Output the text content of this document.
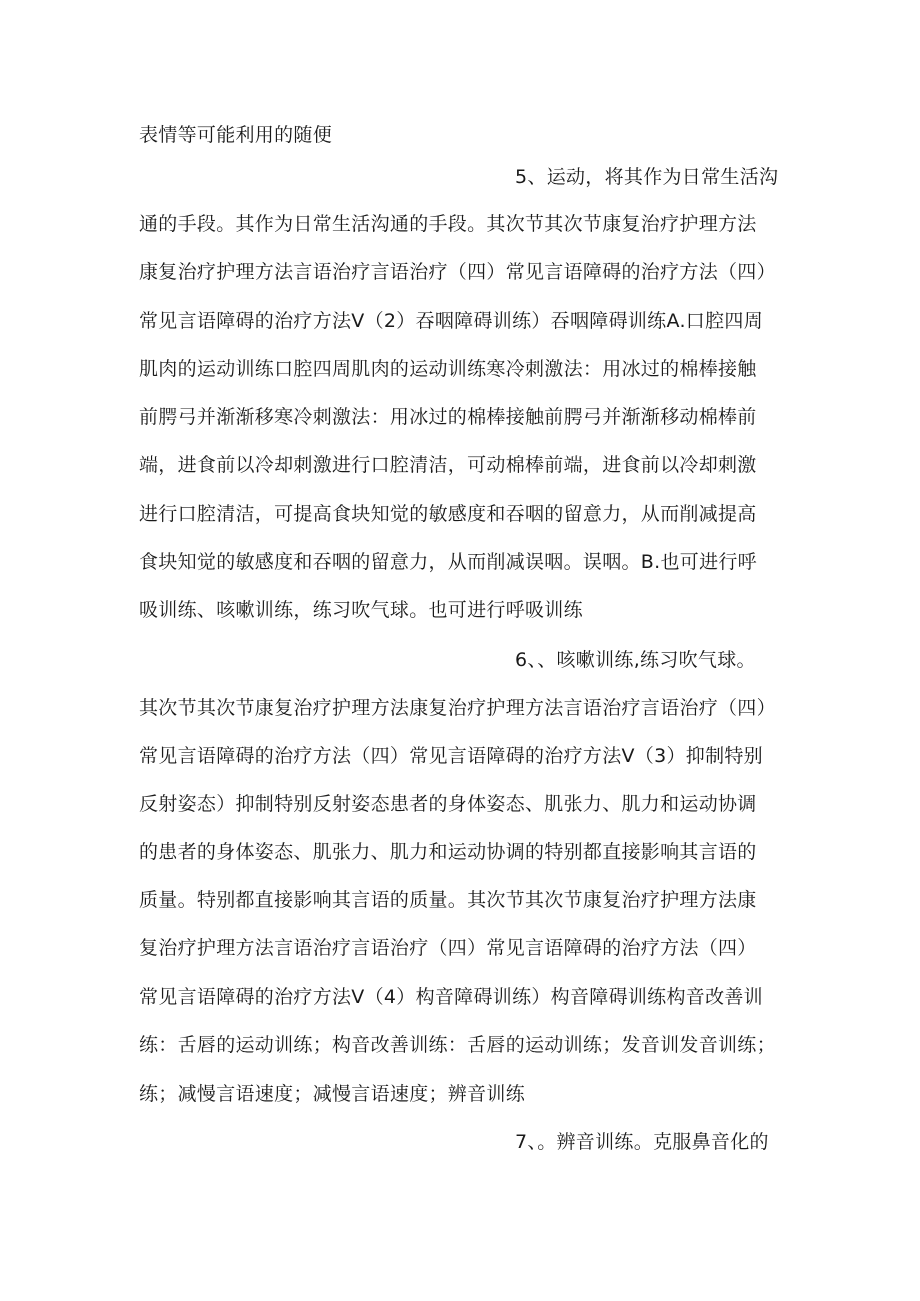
表情等可能利用的随便
5、运动，将其作为日常生活沟
通的手段。其作为日常生活沟通的手段。其次节其次节康复治疗护理方法
康复治疗护理方法言语治疗言语治疗（四）常见言语障碍的治疗方法（四）
常见言语障碍的治疗方法Ⅴ（2）吞咽障碍训练）吞咽障碍训练A.口腔四周
肌肉的运动训练口腔四周肌肉的运动训练寒冷刺激法：用冰过的棉棒接触
前腭弓并渐渐移寒冷刺激法：用冰过的棉棒接触前腭弓并渐渐移动棉棒前
端，进食前以冷却刺激进行口腔清洁，可动棉棒前端，进食前以冷却刺激
进行口腔清洁，可提高食块知觉的敏感度和吞咽的留意力，从而削减提高
食块知觉的敏感度和吞咽的留意力，从而削减误咽。误咽。B.也可进行呼
吸训练、咳嗽训练，练习吹气球。也可进行呼吸训练
6、、咳嗽训练,练习吹气球。
其次节其次节康复治疗护理方法康复治疗护理方法言语治疗言语治疗（四）
常见言语障碍的治疗方法（四）常见言语障碍的治疗方法Ⅴ（3）抑制特别
反射姿态）抑制特别反射姿态患者的身体姿态、肌张力、肌力和运动协调
的患者的身体姿态、肌张力、肌力和运动协调的特别都直接影响其言语的
质量。特别都直接影响其言语的质量。其次节其次节康复治疗护理方法康
复治疗护理方法言语治疗言语治疗（四）常见言语障碍的治疗方法（四）
常见言语障碍的治疗方法Ⅴ（4）构音障碍训练）构音障碍训练构音改善训
练：舌唇的运动训练；构音改善训练：舌唇的运动训练；发音训发音训练；
练；减慢言语速度；减慢言语速度；辨音训练
7、。辨音训练。克服鼻音化的
